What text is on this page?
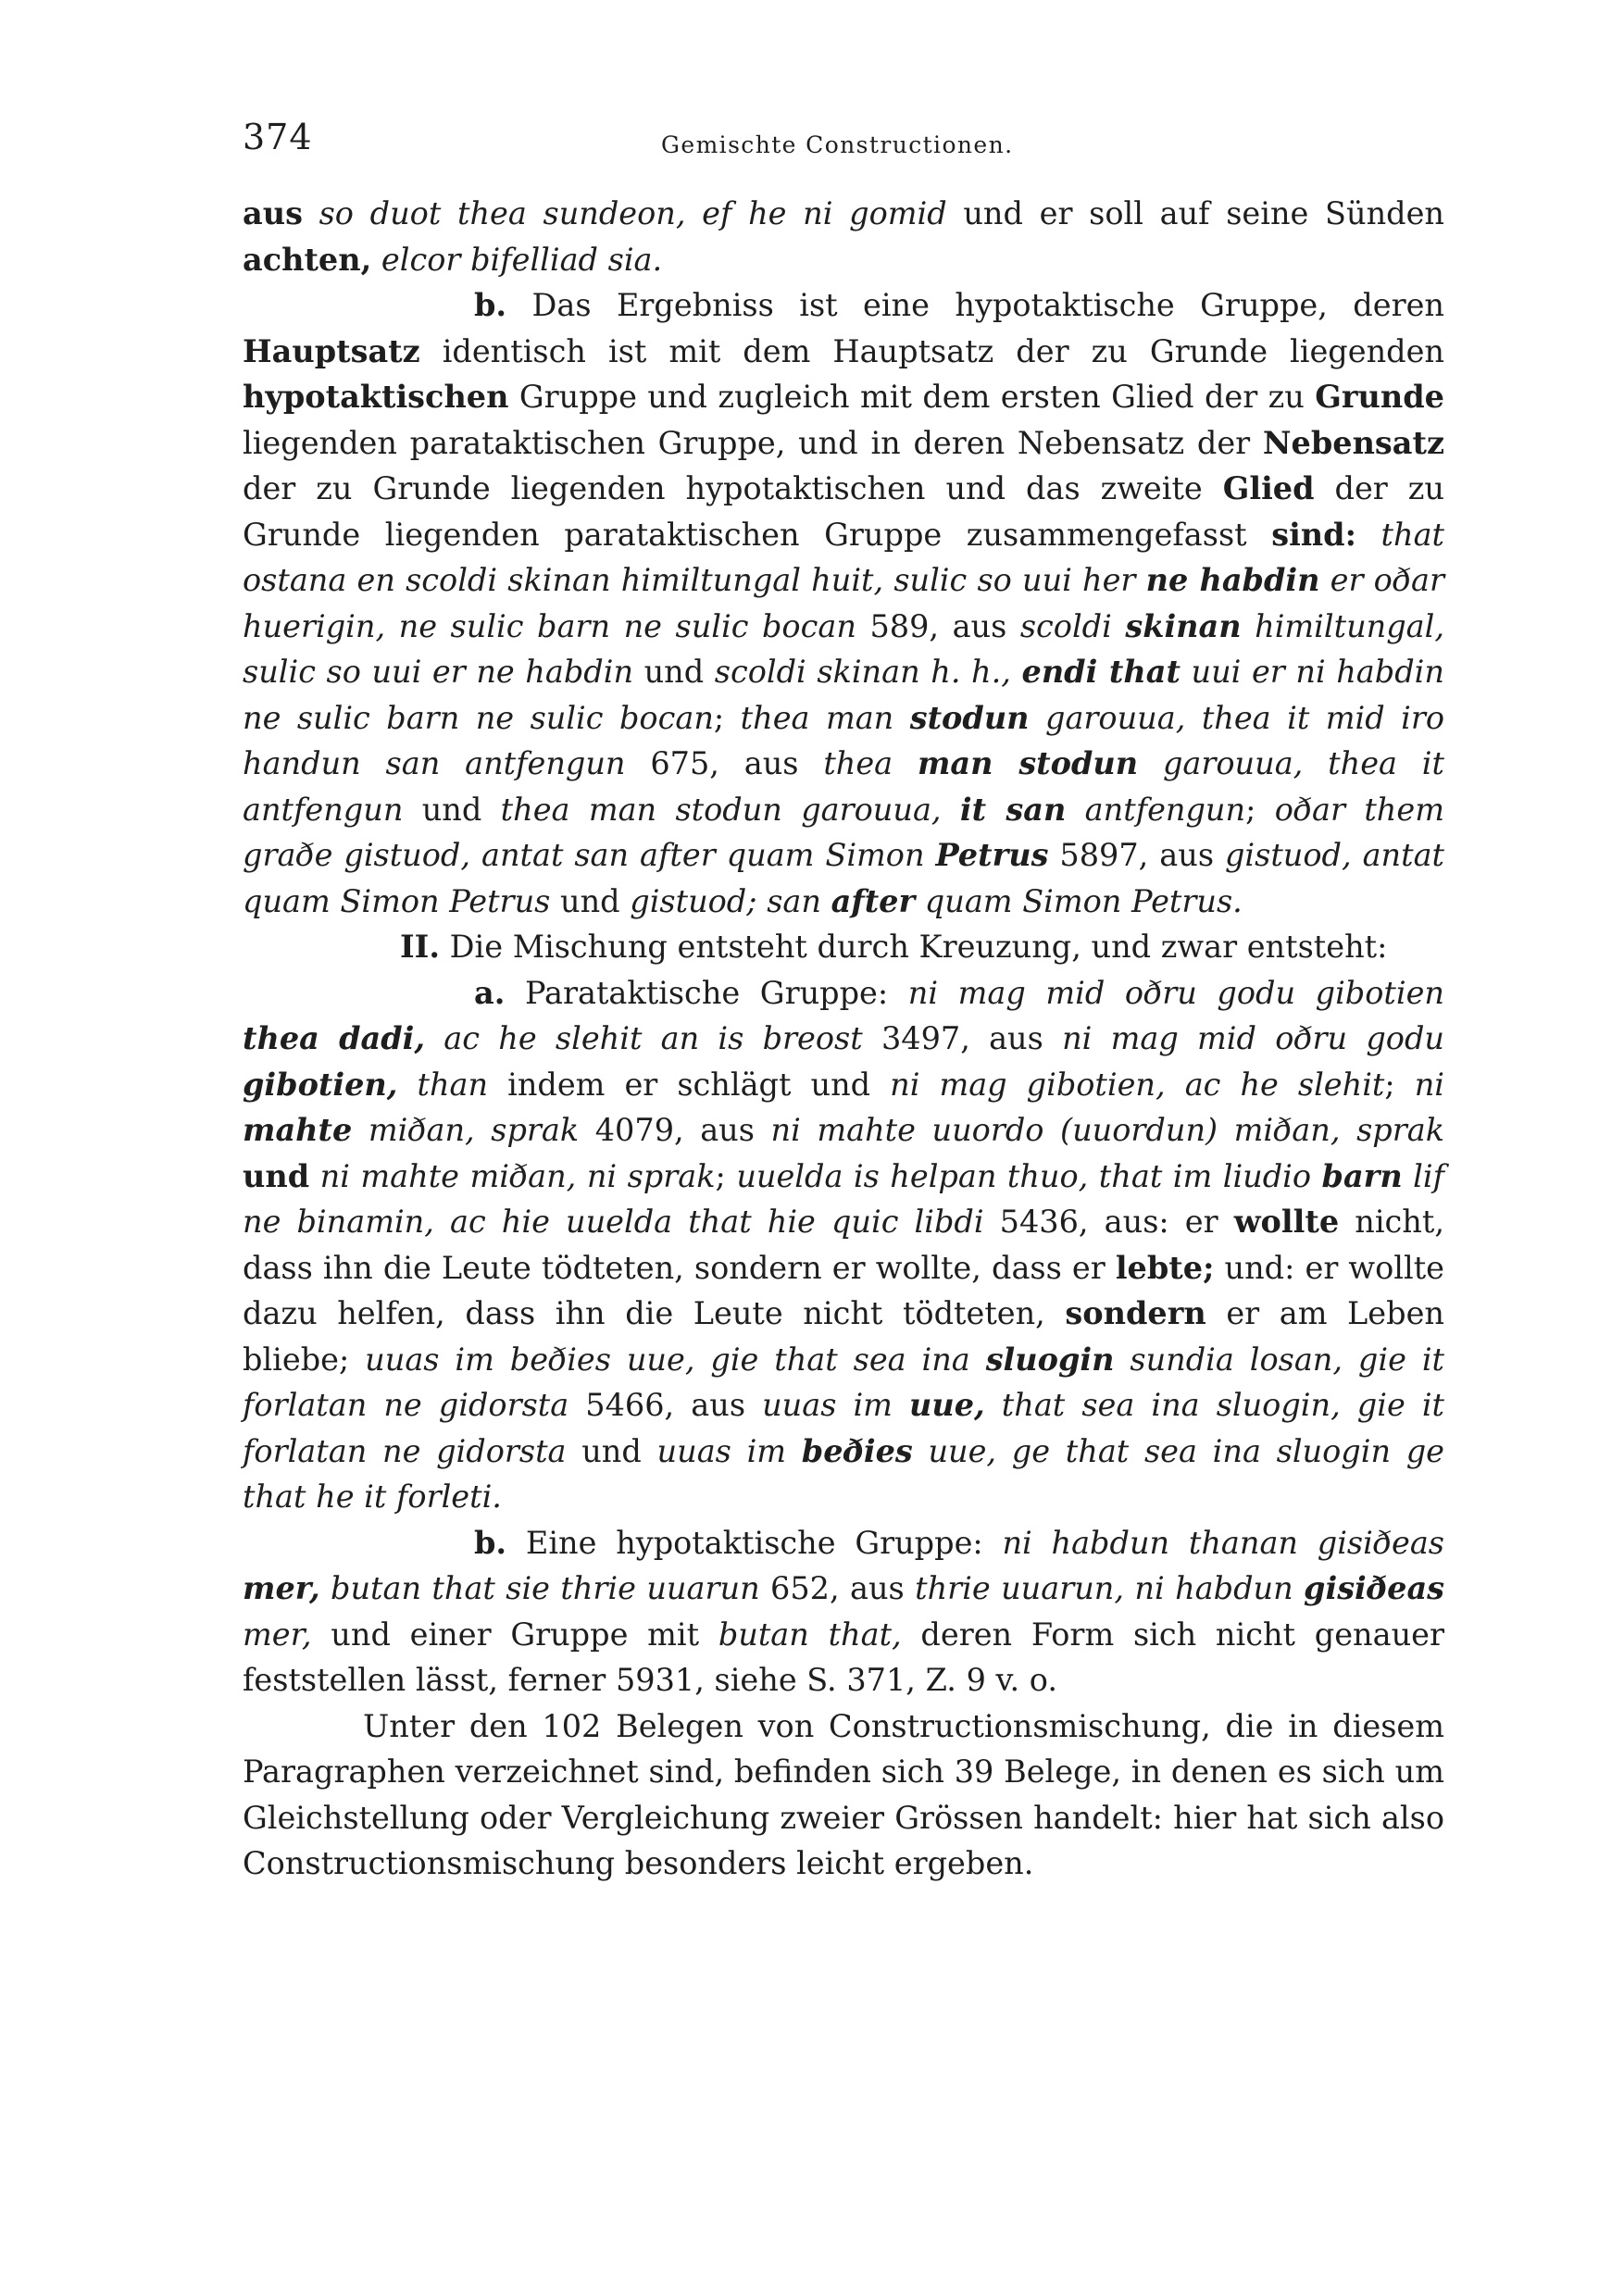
374	Gemischte Constructionen.

aus so duot thea sundeon, ef he ni gomid und er soll auf seine Sünden achten, elcor bifelliad sia.

b. Das Ergebniss ist eine hypotaktische Gruppe, deren Hauptsatz identisch ist mit dem Hauptsatz der zu Grunde liegenden hypotaktischen Gruppe und zugleich mit dem ersten Glied der zu Grunde liegenden parataktischen Gruppe, und in deren Nebensatz der Nebensatz der zu Grunde liegenden hypotaktischen und das zweite Glied der zu Grunde liegenden parataktischen Gruppe zusammengefasst sind: that ostana en scoldi skinan himiltungal huit, sulic so uui her ne habdin er oðar huerigin, ne sulic barn ne sulic bocan 589, aus scoldi skinan himiltungal, sulic so uui er ne habdin und scoldi skinan h. h., endi that uui er ni habdin ne sulic barn ne sulic bocan; thea man stodun garouua, thea it mid iro handun san antfengun 675, aus thea man stodun garouua, thea it antfengun und thea man stodun garouua, it san antfengun; oðar them graðe gistuod, antat san after quam Simon Petrus 5897, aus gistuod, antat quam Simon Petrus und gistuod; san after quam Simon Petrus.

II. Die Mischung entsteht durch Kreuzung, und zwar entsteht:

a. Parataktische Gruppe: ni mag mid oðru godu gibotien thea dadi, ac he slehit an is breost 3497, aus ni mag mid oðru godu gibotien, than indem er schlägt und ni mag gibotien, ac he slehit; ni mahte miðan, sprak 4079, aus ni mahte uuordo (uuordun) miðan, sprak und ni mahte miðan, ni sprak; uuelda is helpan thuo, that im liudio barn lif ne binamin, ac hie uuelda that hie quic libdi 5436, aus: er wollte nicht, dass ihn die Leute tödteten, sondern er wollte, dass er lebte; und: er wollte dazu helfen, dass ihn die Leute nicht tödteten, sondern er am Leben bliebe; uuas im beðies uue, gie that sea ina sluogin sundia losan, gie it forlatan ne gidorsta 5466, aus uuas im uue, that sea ina sluogin, gie it forlatan ne gidorsta und uuas im beðies uue, ge that sea ina sluogin ge that he it forleti.

b. Eine hypotaktische Gruppe: ni habdun thanan gisiðeas mer, butan that sie thrie uuarun 652, aus thrie uuarun, ni habdun gisiðeas mer, und einer Gruppe mit butan that, deren Form sich nicht genauer feststellen lässt, ferner 5931, siehe S. 371, Z. 9 v. o.

Unter den 102 Belegen von Constructionsmischung, die in diesem Paragraphen verzeichnet sind, befinden sich 39 Belege, in denen es sich um Gleichstellung oder Vergleichung zweier Grössen handelt: hier hat sich also Constructionsmischung besonders leicht ergeben.
